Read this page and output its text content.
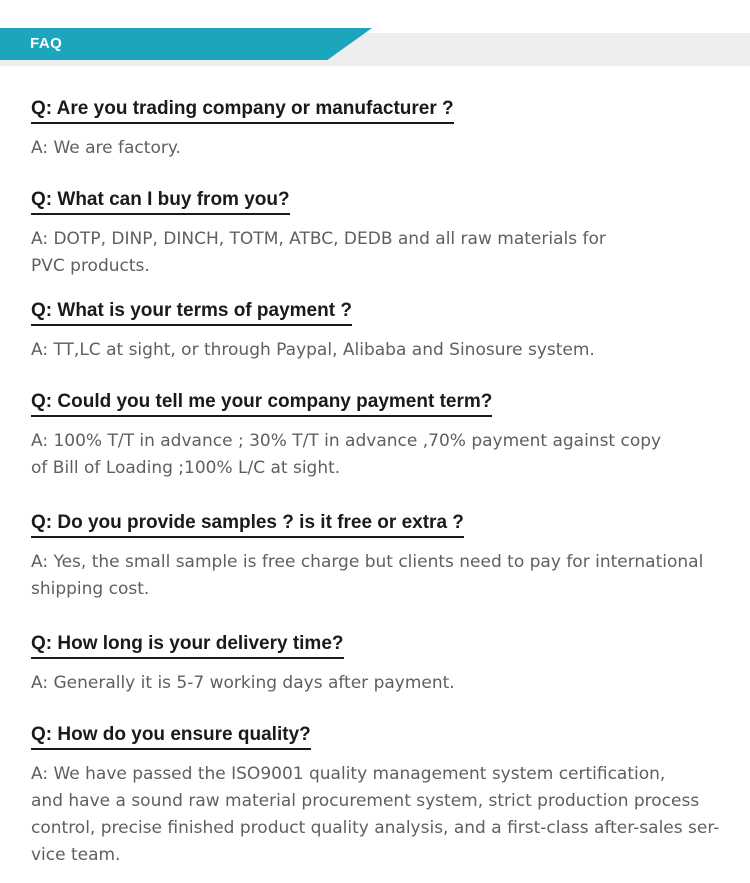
FAQ
Q: Are you trading company or manufacturer ?
A: We are factory.
Q: What can I buy from you?
A: DOTP, DINP, DINCH, TOTM, ATBC, DEDB and all raw materials for
PVC products.
Q: What is your terms of payment ?
A: TT,LC at sight, or through Paypal, Alibaba and Sinosure system.
Q: Could you tell me your company payment term?
A: 100% T/T in advance ; 30% T/T in advance ,70% payment against copy
of Bill of Loading ;100% L/C at sight.
Q: Do you provide samples ? is it free or extra ?
A: Yes, the small sample is free charge but clients need to pay for international
shipping cost.
Q: How long is your delivery time?
A: Generally it is 5-7 working days after payment.
Q: How do you ensure quality?
A: We have passed the ISO9001 quality management system certification,
and have a sound raw material procurement system, strict production process
control, precise finished product quality analysis, and a first-class after-sales ser-
vice team.
